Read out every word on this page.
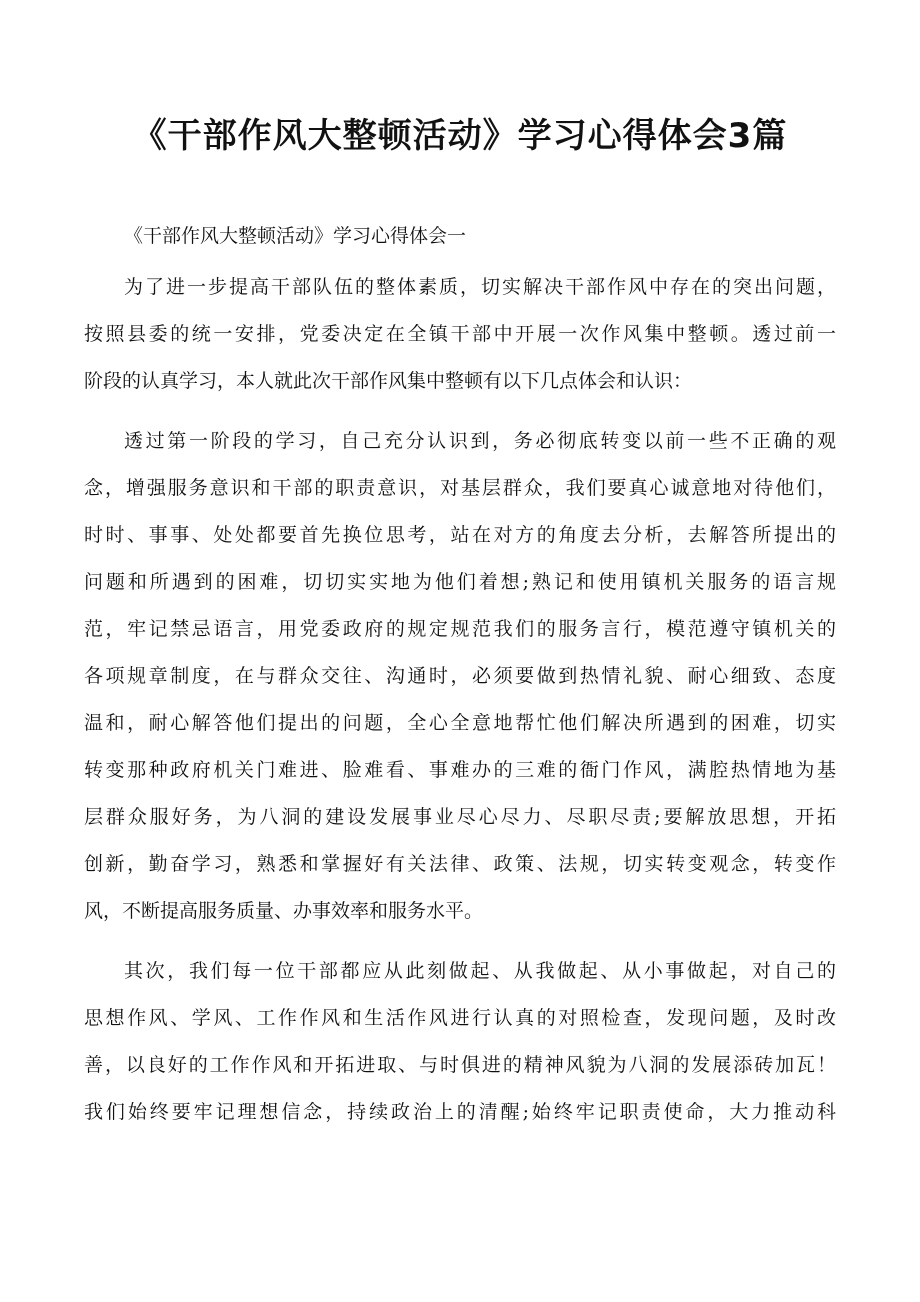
《干部作风大整顿活动》学习心得体会3篇

《干部作风大整顿活动》学习心得体会一

为了进一步提高干部队伍的整体素质，切实解决干部作风中存在的突出问题，
按照县委的统一安排，党委决定在全镇干部中开展一次作风集中整顿。透过前一
阶段的认真学习，本人就此次干部作风集中整顿有以下几点体会和认识：

透过第一阶段的学习，自己充分认识到，务必彻底转变以前一些不正确的观
念，增强服务意识和干部的职责意识，对基层群众，我们要真心诚意地对待他们，
时时、事事、处处都要首先换位思考，站在对方的角度去分析，去解答所提出的
问题和所遇到的困难，切切实实地为他们着想;熟记和使用镇机关服务的语言规
范，牢记禁忌语言，用党委政府的规定规范我们的服务言行，模范遵守镇机关的
各项规章制度，在与群众交往、沟通时，必须要做到热情礼貌、耐心细致、态度
温和，耐心解答他们提出的问题，全心全意地帮忙他们解决所遇到的困难，切实
转变那种政府机关门难进、脸难看、事难办的三难的衙门作风，满腔热情地为基
层群众服好务，为八洞的建设发展事业尽心尽力、尽职尽责;要解放思想，开拓
创新，勤奋学习，熟悉和掌握好有关法律、政策、法规，切实转变观念，转变作
风，不断提高服务质量、办事效率和服务水平。

其次，我们每一位干部都应从此刻做起、从我做起、从小事做起，对自己的
思想作风、学风、工作作风和生活作风进行认真的对照检查，发现问题，及时改
善，以良好的工作作风和开拓进取、与时俱进的精神风貌为八洞的发展添砖加瓦！
我们始终要牢记理想信念，持续政治上的清醒;始终牢记职责使命，大力推动科
